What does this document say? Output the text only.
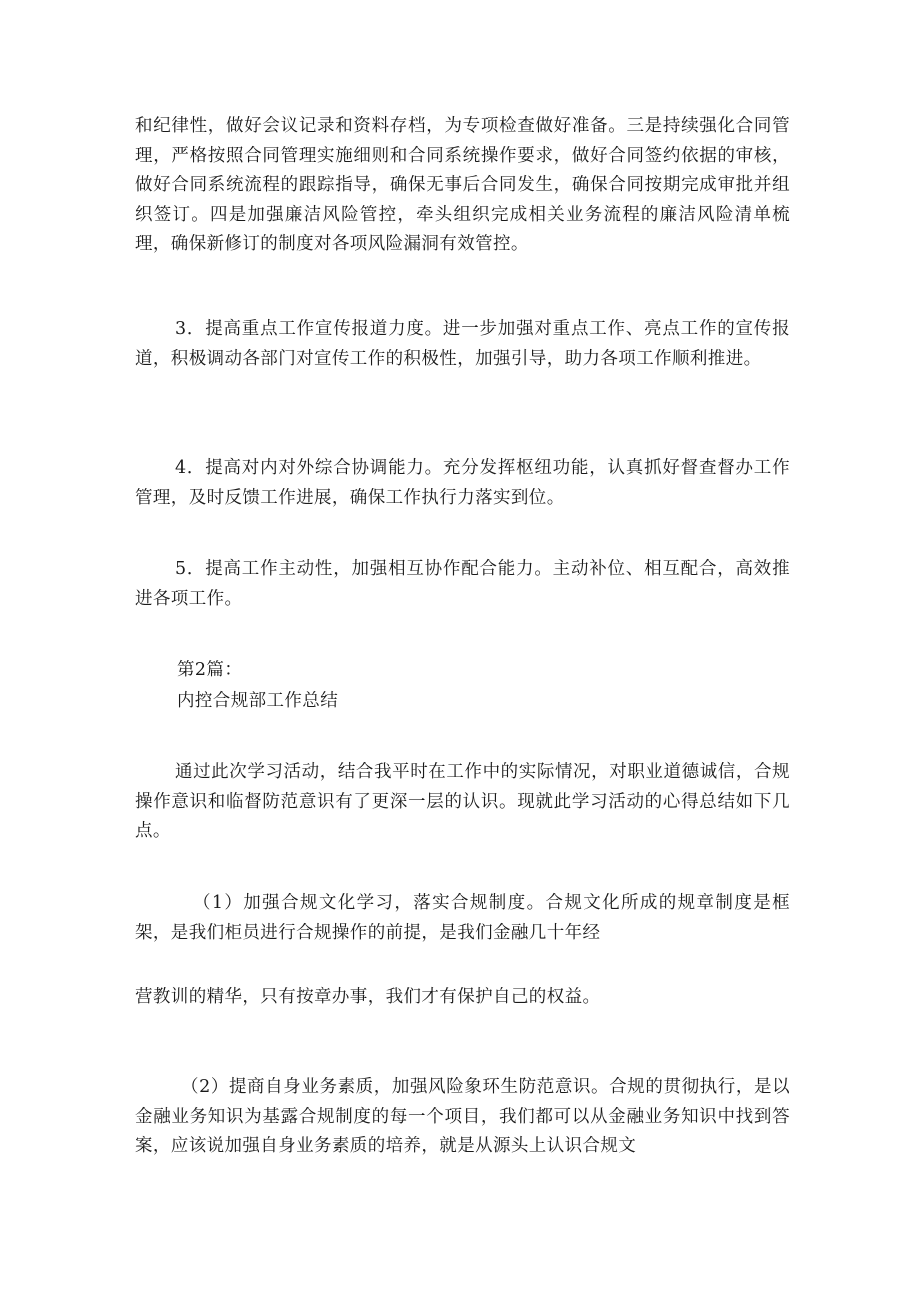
和纪律性，做好会议记录和资料存档，为专项检查做好准备。三是持续强化合同管理，严格按照合同管理实施细则和合同系统操作要求，做好合同签约依据的审核，做好合同系统流程的跟踪指导，确保无事后合同发生，确保合同按期完成审批并组织签订。四是加强廉洁风险管控，牵头组织完成相关业务流程的廉洁风险清单梳理，确保新修订的制度对各项风险漏洞有效管控。

3．提高重点工作宣传报道力度。进一步加强对重点工作、亮点工作的宣传报道，积极调动各部门对宣传工作的积极性，加强引导，助力各项工作顺利推进。

4．提高对内对外综合协调能力。充分发挥枢纽功能，认真抓好督查督办工作管理，及时反馈工作进展，确保工作执行力落实到位。

5．提高工作主动性，加强相互协作配合能力。主动补位、相互配合，高效推进各项工作。

第2篇：

内控合规部工作总结

通过此次学习活动，结合我平时在工作中的实际情况，对职业道德诚信，合规操作意识和临督防范意识有了更深一层的认识。现就此学习活动的心得总结如下几点。

（1）加强合规文化学习，落实合规制度。合规文化所成的规章制度是框架，是我们柜员进行合规操作的前提，是我们金融几十年经

营教训的精华，只有按章办事，我们才有保护自己的权益。

（2）提商自身业务素质，加强风险象环生防范意识。合规的贯彻执行，是以金融业务知识为基露合规制度的每一个项目，我们都可以从金融业务知识中找到答案，应该说加强自身业务素质的培养，就是从源头上认识合规文
